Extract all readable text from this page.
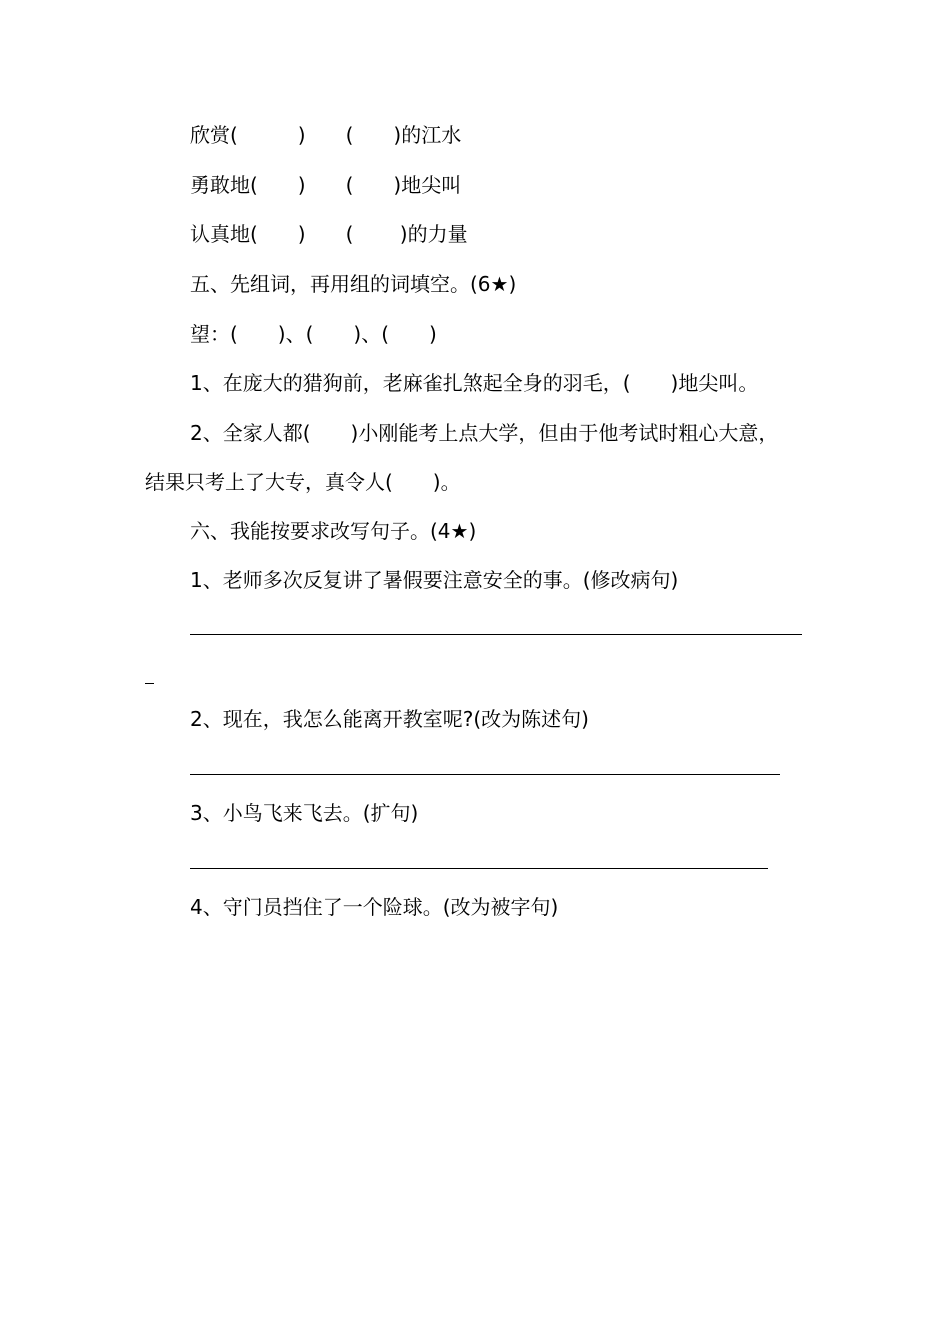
欣赏(　　　)　　(　　)的江水
勇敢地(　　)　　(　　)地尖叫
认真地(　　)　　(　　 )的力量
五、先组词，再用组的词填空。(6★)
望：(　　)、(　　)、(　　)
1、在庞大的猎狗前，老麻雀扎煞起全身的羽毛，(　　)地尖叫。
2、全家人都(　　)小刚能考上点大学，但由于他考试时粗心大意，
结果只考上了大专，真令人(　　)。
六、我能按要求改写句子。(4★)
1、老师多次反复讲了暑假要注意安全的事。(修改病句)
2、现在，我怎么能离开教室呢?(改为陈述句)
3、小鸟飞来飞去。(扩句)
4、守门员挡住了一个险球。(改为被字句)
